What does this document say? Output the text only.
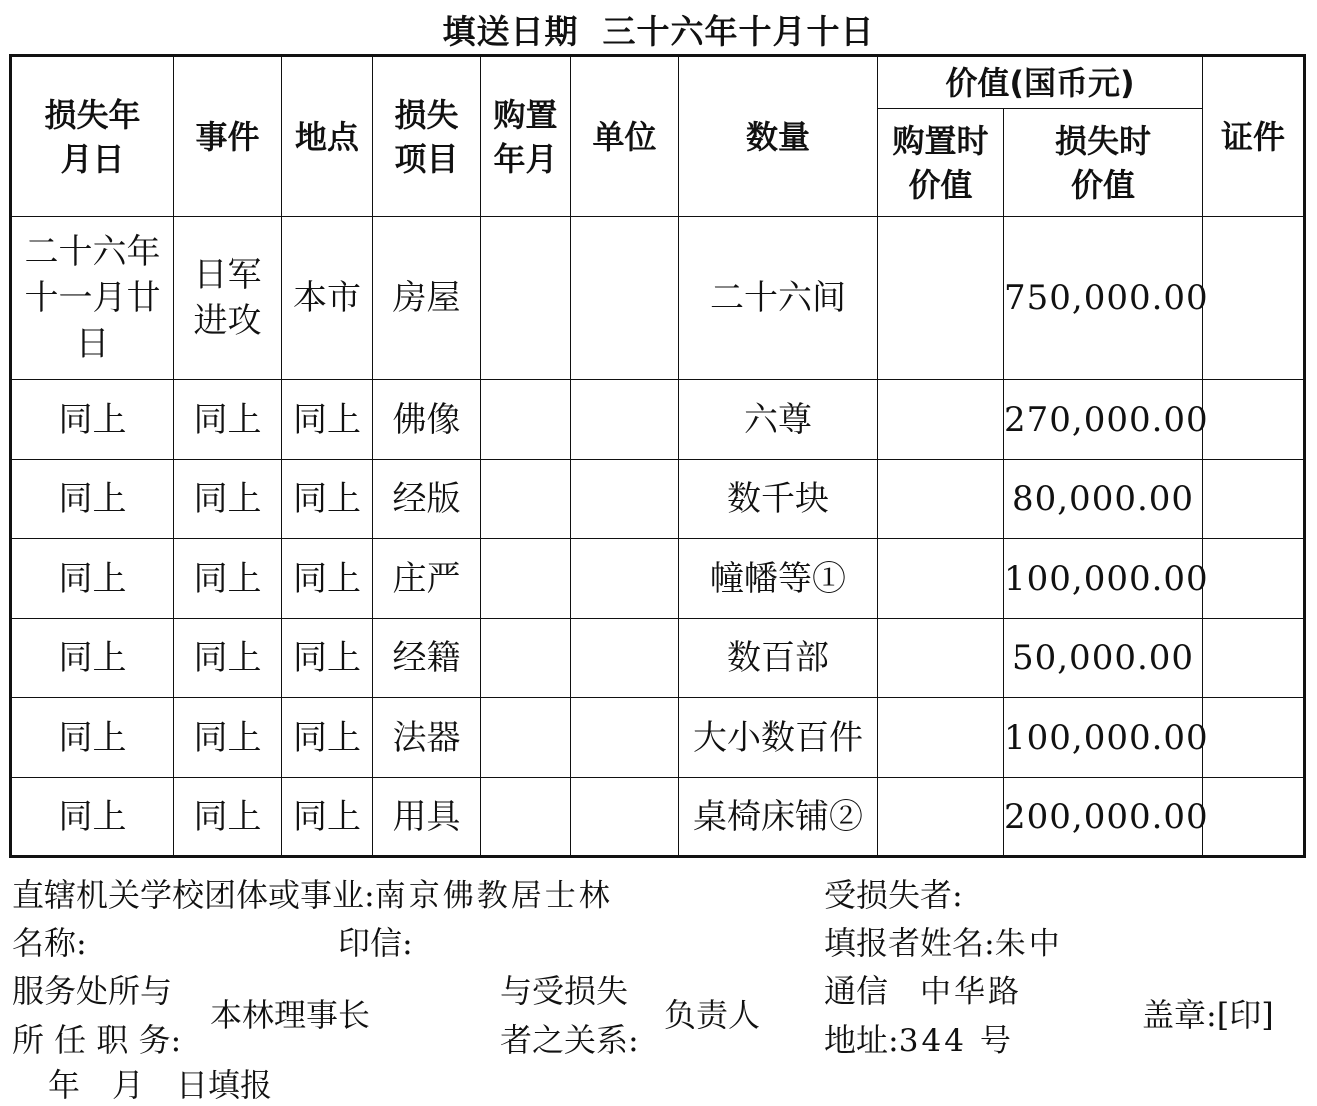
填送日期 三十六年十月十日
损失年月日	事件	地点	损失项目	购置年月	单位	数量	价值(国币元)		证件
							购置时价值	损失时价值	
二十六年十一月廿日	日军进攻	本市	房屋			二十六间		750,000.00	
同上	同上	同上	佛像			六尊		270,000.00	
同上	同上	同上	经版			数千块		80,000.00	
同上	同上	同上	庄严			幢幡等①		100,000.00	
同上	同上	同上	经籍			数百部		50,000.00	
同上	同上	同上	法器			大小数百件		100,000.00	
同上	同上	同上	用具			桌椅床铺②		200,000.00	
直辖机关学校团体或事业:南京佛教居士林
名称:	印信:
受损失者:
填报者姓名:朱中
服务处所与
所 任 职 务:
本林理事长
与受损失
者之关系:
负责人
通信　 中华路
地址:344 号
盖章:[印]
年　月　日填报
